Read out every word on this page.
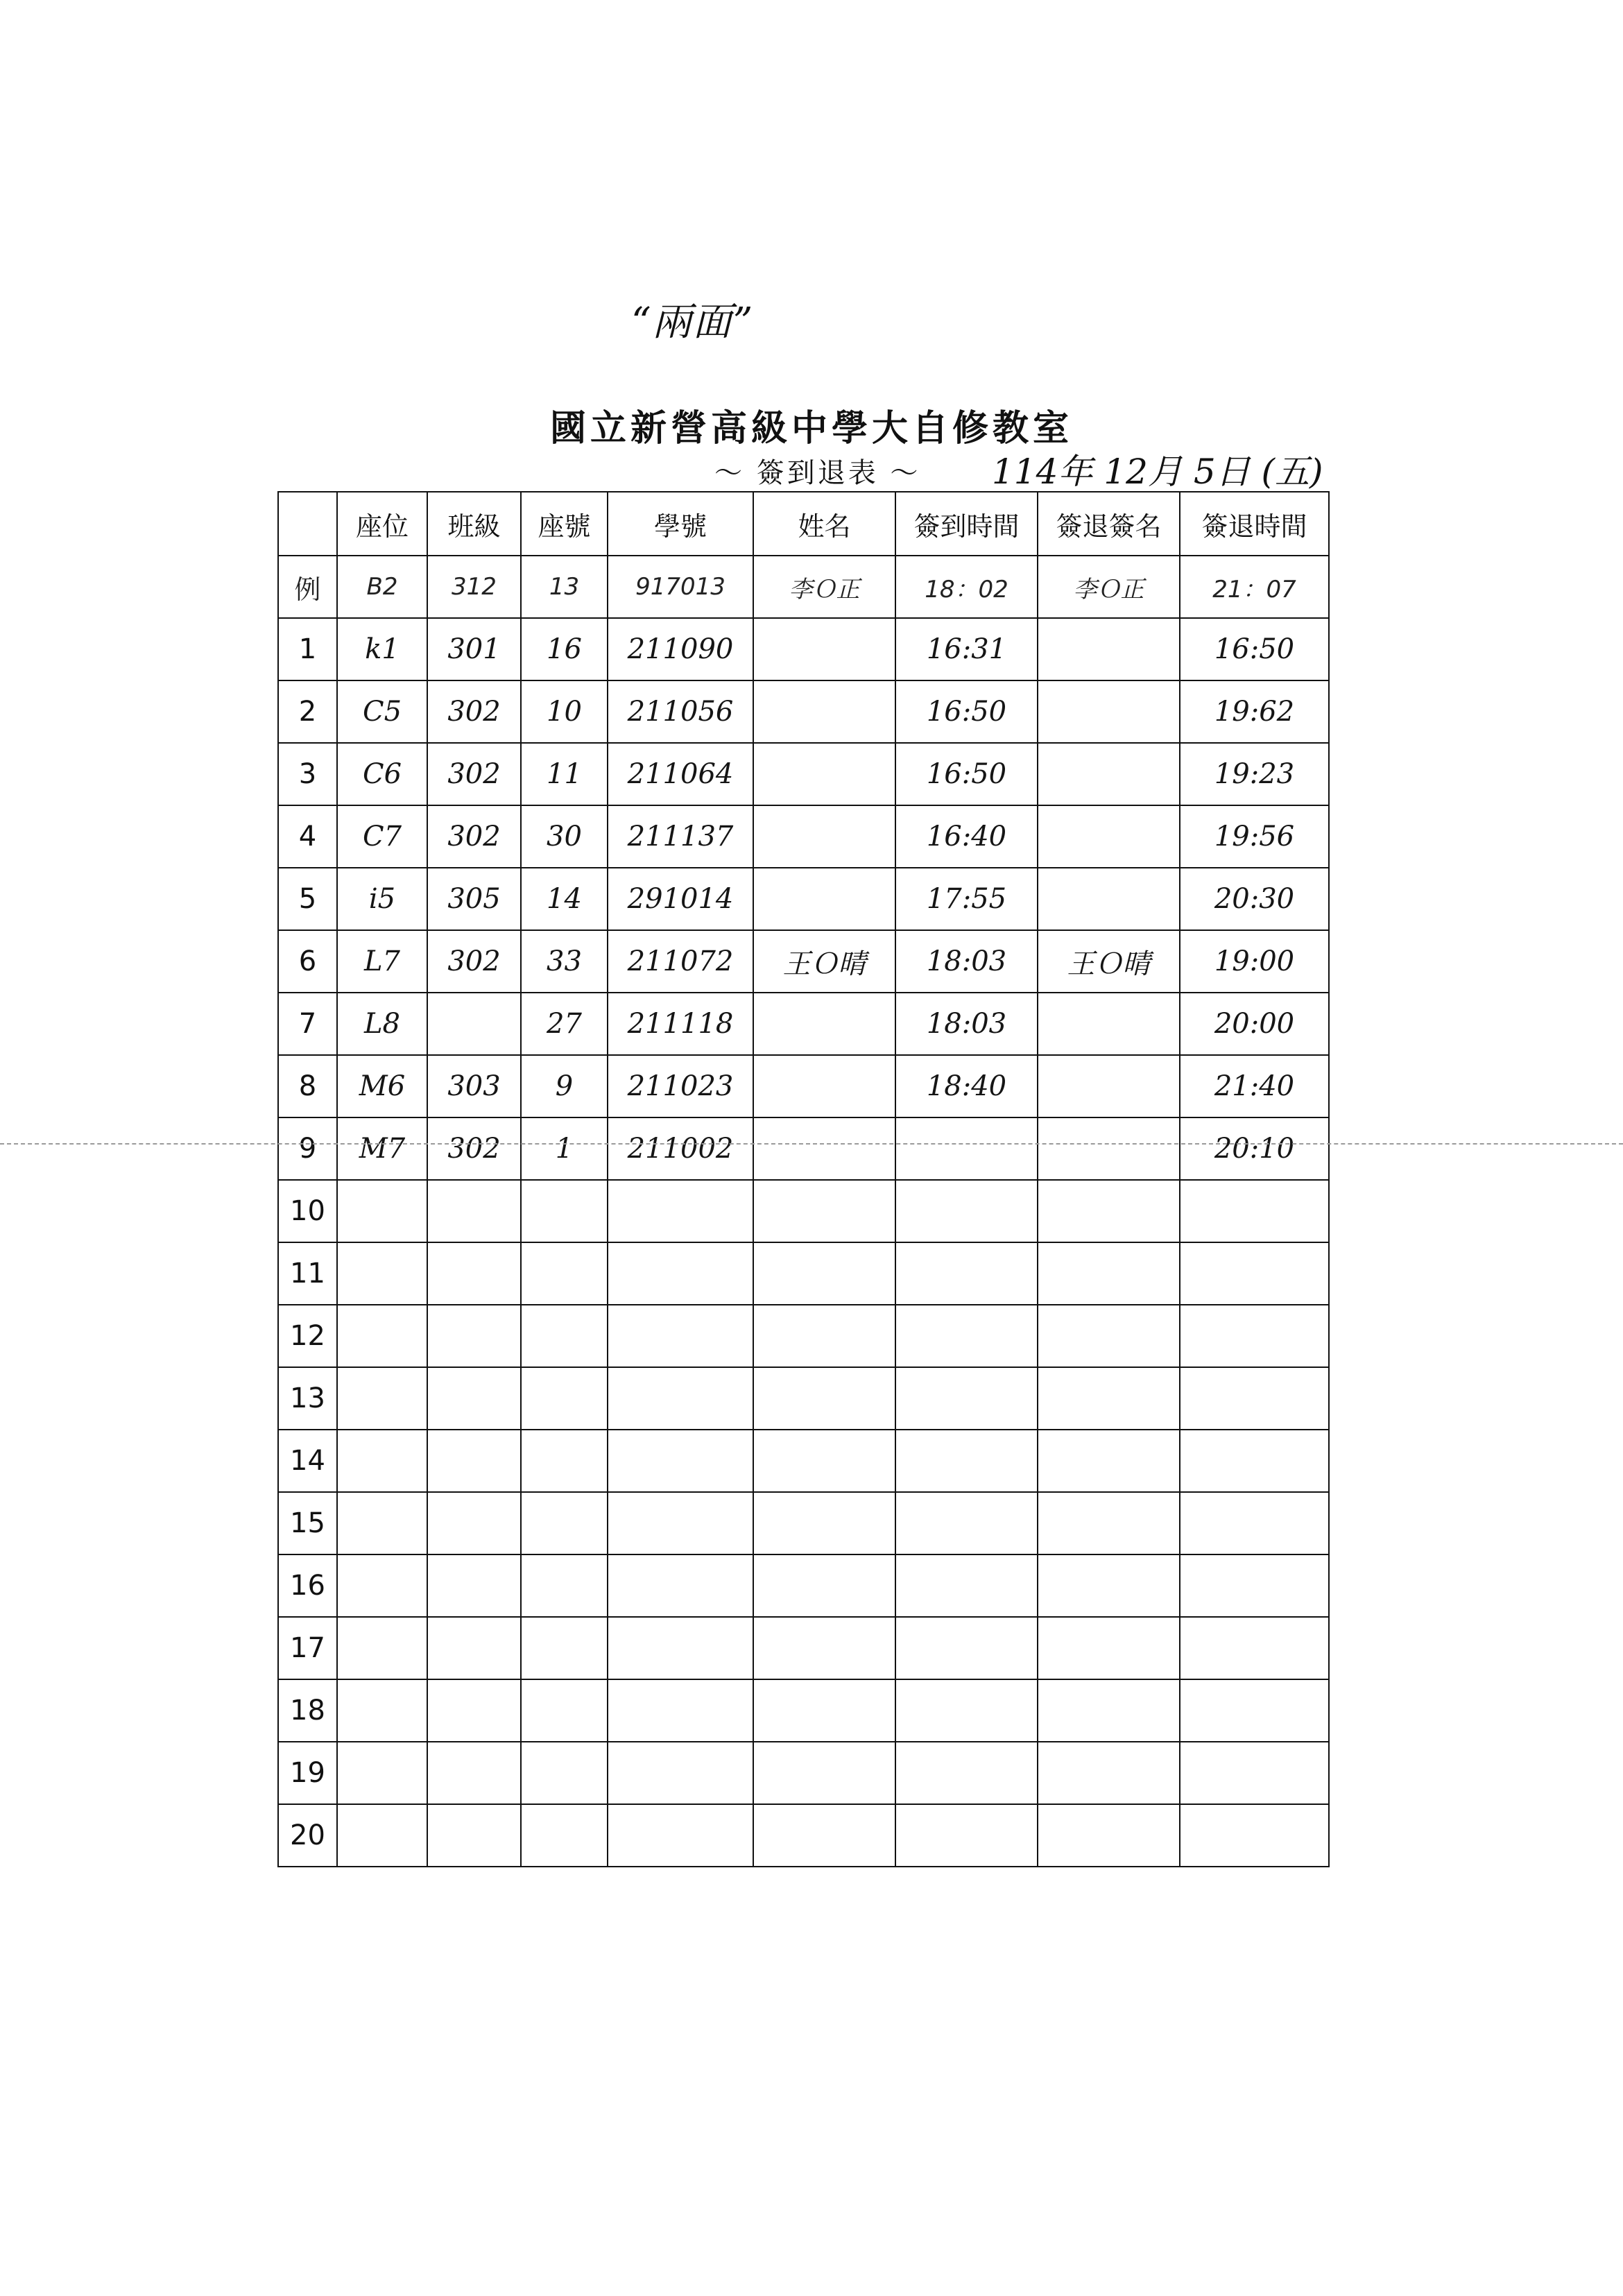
“兩面”
國立新營高級中學大自修教室
～ 簽到退表 ～ 114年 12月 5日 (五)
	座位	班級	座號	學號	姓名	簽到時間	簽退簽名	簽退時間
例	B2	312	13	917013	李Ｏ正	18：02	李Ｏ正	21：07
1	k1	301	16	211090		16:31		16:50
2	C5	302	10	211056		16:50		19:62
3	C6	302	11	211064		16:50		19:23
4	C7	302	30	211137		16:40		19:56
5	i5	305	14	291014		17:55		20:30
6	L7	302	33	211072	王Ｏ晴	18:03	王Ｏ晴	19:00
7	L8		27	211118		18:03		20:00
8	M6	303	9	211023		18:40		21:40
9	M7	302	1	211002				20:10
10								
11								
12								
13								
14								
15								
16								
17								
18								
19								
20								
